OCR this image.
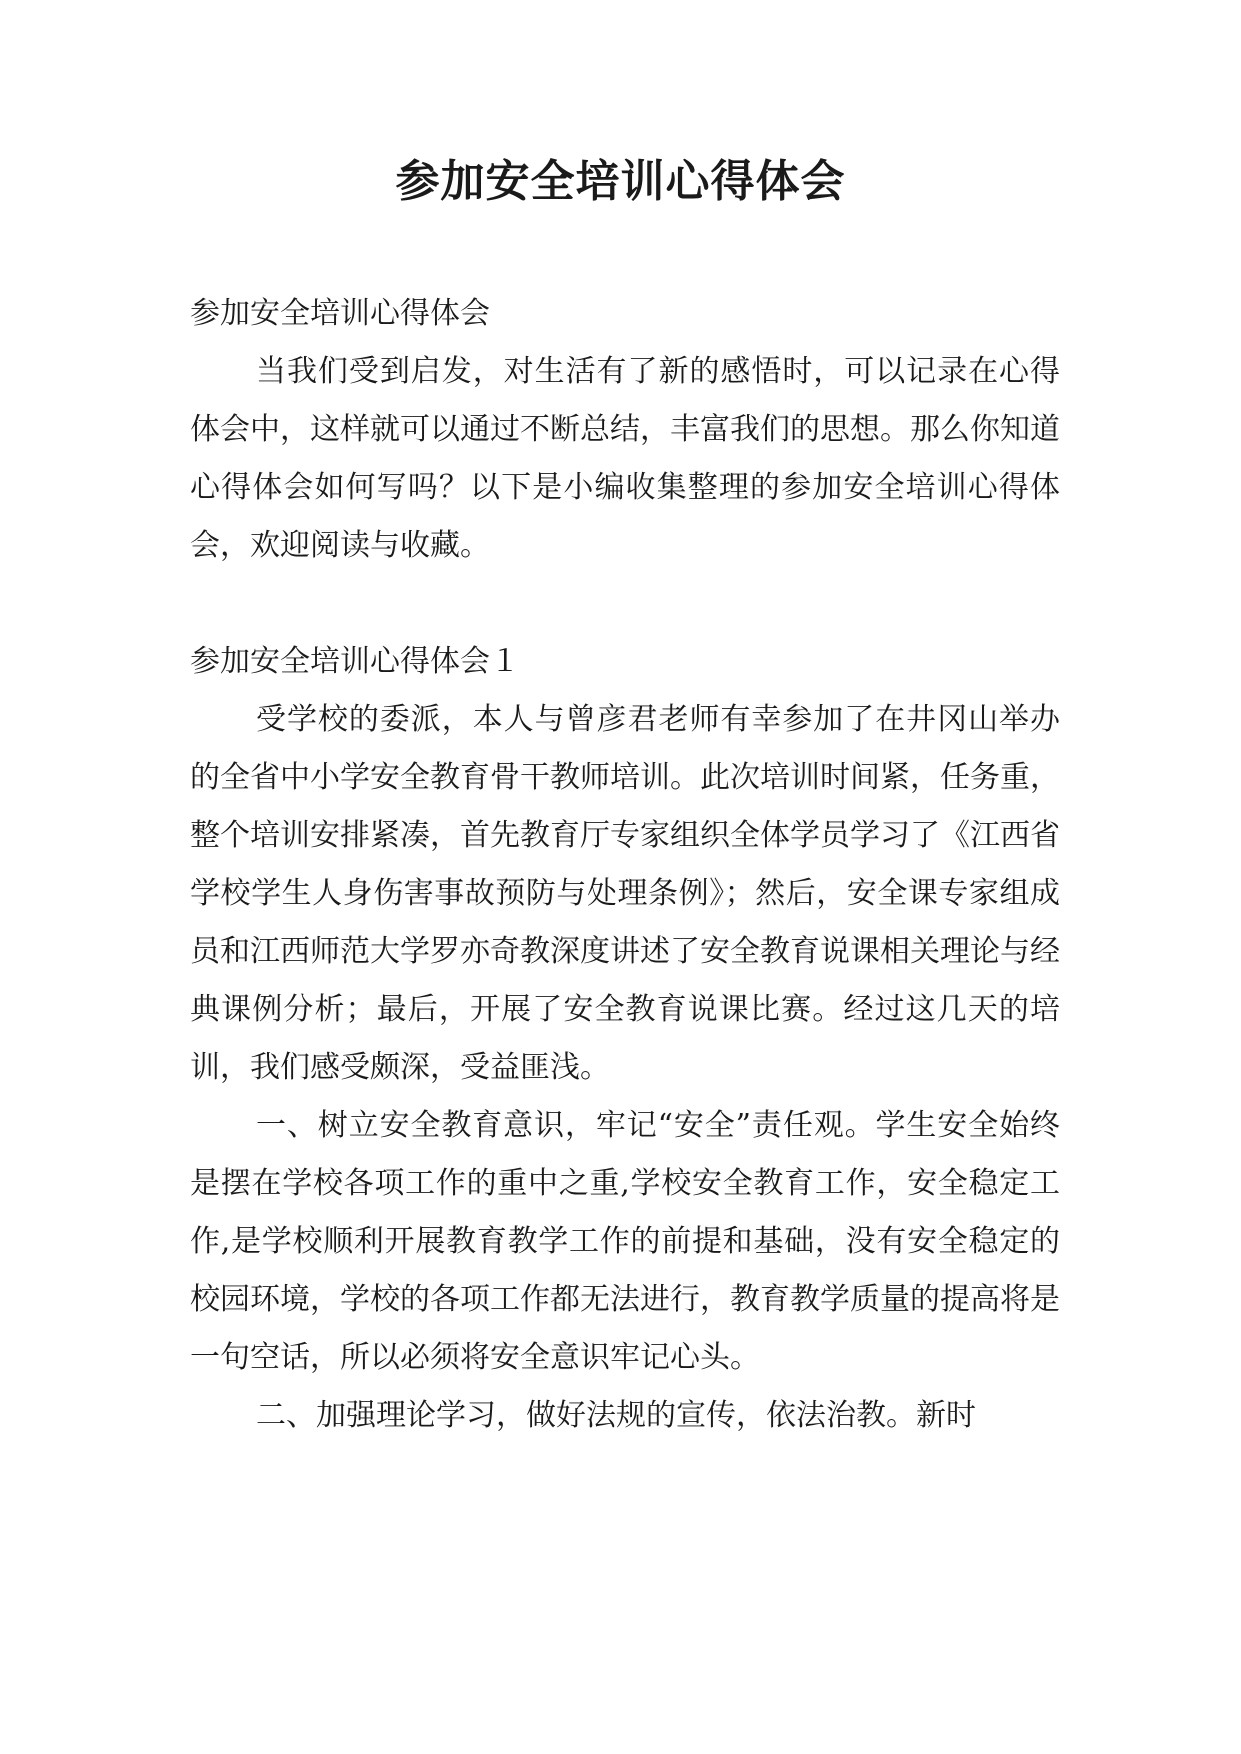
参加安全培训心得体会

参加安全培训心得体会

当我们受到启发，对生活有了新的感悟时，可以记录在心得体会中，这样就可以通过不断总结，丰富我们的思想。那么你知道心得体会如何写吗？以下是小编收集整理的参加安全培训心得体会，欢迎阅读与收藏。

参加安全培训心得体会１

受学校的委派，本人与曾彦君老师有幸参加了在井冈山举办的全省中小学安全教育骨干教师培训。此次培训时间紧，任务重，整个培训安排紧凑，首先教育厅专家组织全体学员学习了《江西省学校学生人身伤害事故预防与处理条例》；然后，安全课专家组成员和江西师范大学罗亦奇教深度讲述了安全教育说课相关理论与经典课例分析；最后，开展了安全教育说课比赛。经过这几天的培训，我们感受颇深，受益匪浅。

一、树立安全教育意识，牢记“安全”责任观。学生安全始终是摆在学校各项工作的重中之重,学校安全教育工作，安全稳定工作,是学校顺利开展教育教学工作的前提和基础，没有安全稳定的校园环境，学校的各项工作都无法进行，教育教学质量的提高将是一句空话，所以必须将安全意识牢记心头。

二、加强理论学习，做好法规的宣传，依法治教。新时
